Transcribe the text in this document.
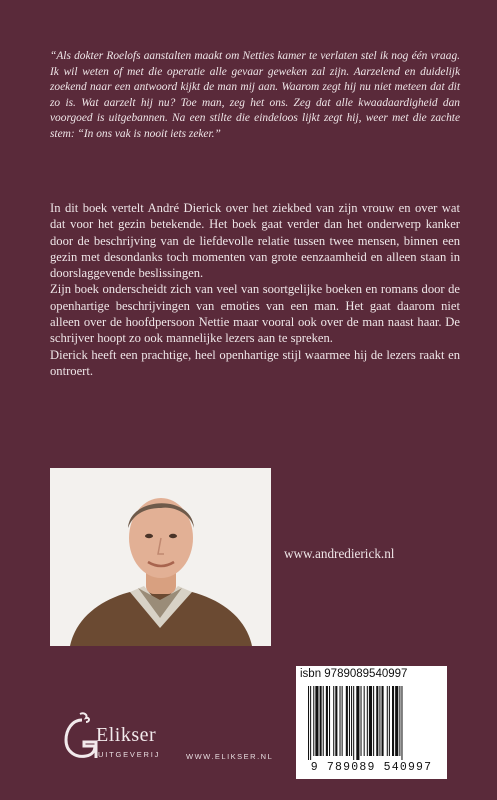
“Als dokter Roelofs aanstalten maakt om Netties kamer te verlaten stel ik nog één vraag. Ik wil weten of met die operatie alle gevaar geweken zal zijn. Aarzelend en duidelijk zoekend naar een antwoord kijkt de man mij aan. Waarom zegt hij nu niet meteen dat dit zo is. Wat aarzelt hij nu? Toe man, zeg het ons. Zeg dat alle kwaadaardigheid dan voorgoed is uitgebannen. Na een stilte die eindeloos lijkt zegt hij, weer met die zachte stem: “In ons vak is nooit iets zeker.”

In dit boek vertelt André Dierick over het ziekbed van zijn vrouw en over wat dat voor het gezin betekende. Het boek gaat verder dan het onderwerp kanker door de beschrijving van de liefdevolle relatie tussen twee mensen, binnen een gezin met desondanks toch momenten van grote eenzaamheid en alleen staan in doorslaggevende beslissingen.

Zijn boek onderscheidt zich van veel van soortgelijke boeken en romans door de openhartige beschrijvingen van emoties van een man. Het gaat daarom niet alleen over de hoofdpersoon Nettie maar vooral ook over de man naast haar. De schrijver hoopt zo ook mannelijke lezers aan te spreken.

Dierick heeft een prachtige, heel openhartige stijl waarmee hij de lezers raakt en ontroert.

www.andredierick.nl
Elikser
UITGEVERIJ	WWW.ELIKSER.NL
isbn 9789089540997
9 789089 540997
